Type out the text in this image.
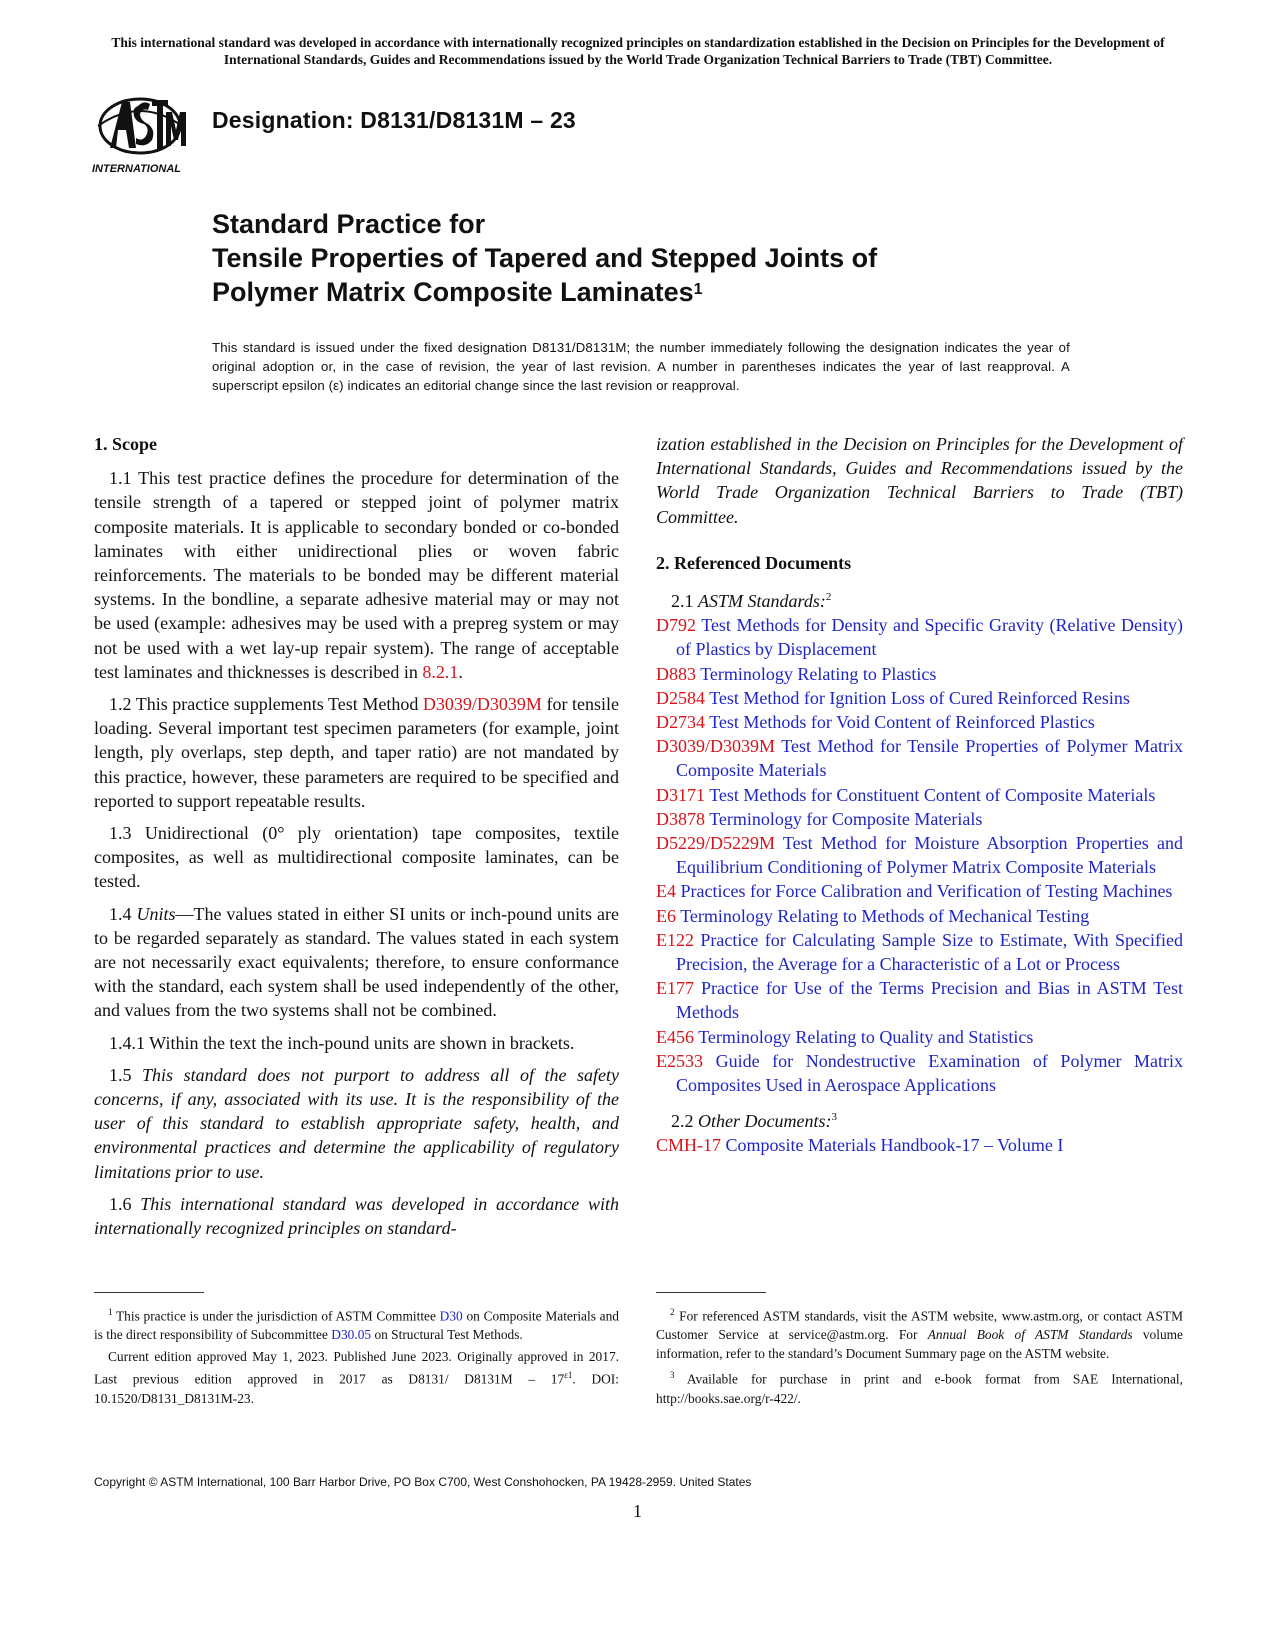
This international standard was developed in accordance with internationally recognized principles on standardization established in the Decision on Principles for the Development of International Standards, Guides and Recommendations issued by the World Trade Organization Technical Barriers to Trade (TBT) Committee.
INTERNATIONAL
Designation: D8131/D8131M – 23
Standard Practice for
Tensile Properties of Tapered and Stepped Joints of
Polymer Matrix Composite Laminates$^1$
This standard is issued under the fixed designation D8131/D8131M; the number immediately following the designation indicates the year of original adoption or, in the case of revision, the year of last revision. A number in parentheses indicates the year of last reapproval. A superscript epsilon (ε) indicates an editorial change since the last revision or reapproval.
1. Scope

1.1 This test practice defines the procedure for determination of the tensile strength of a tapered or stepped joint of polymer matrix composite materials. It is applicable to secondary bonded or co-bonded laminates with either unidirectional plies or woven fabric reinforcements. The materials to be bonded may be different material systems. In the bondline, a separate adhesive material may or may not be used (example: adhesives may be used with a prepreg system or may not be used with a wet lay-up repair system). The range of acceptable test laminates and thicknesses is described in 8.2.1.

1.2 This practice supplements Test Method D3039/D3039M for tensile loading. Several important test specimen parameters (for example, joint length, ply overlaps, step depth, and taper ratio) are not mandated by this practice, however, these parameters are required to be specified and reported to support repeatable results.

1.3 Unidirectional (0° ply orientation) tape composites, textile composites, as well as multidirectional composite laminates, can be tested.

1.4 Units—The values stated in either SI units or inch-pound units are to be regarded separately as standard. The values stated in each system are not necessarily exact equivalents; therefore, to ensure conformance with the standard, each system shall be used independently of the other, and values from the two systems shall not be combined.

1.4.1 Within the text the inch-pound units are shown in brackets.

1.5 This standard does not purport to address all of the safety concerns, if any, associated with its use. It is the responsibility of the user of this standard to establish appropriate safety, health, and environmental practices and determine the applicability of regulatory limitations prior to use.

1.6 This international standard was developed in accordance with internationally recognized principles on standard-

ization established in the Decision on Principles for the Development of International Standards, Guides and Recommendations issued by the World Trade Organization Technical Barriers to Trade (TBT) Committee.

2. Referenced Documents
2.1 ASTM Standards:$^2$
D792 Test Methods for Density and Specific Gravity (Relative Density) of Plastics by Displacement
D883 Terminology Relating to Plastics
D2584 Test Method for Ignition Loss of Cured Reinforced Resins
D2734 Test Methods for Void Content of Reinforced Plastics
D3039/D3039M Test Method for Tensile Properties of Polymer Matrix Composite Materials
D3171 Test Methods for Constituent Content of Composite Materials
D3878 Terminology for Composite Materials
D5229/D5229M Test Method for Moisture Absorption Properties and Equilibrium Conditioning of Polymer Matrix Composite Materials
E4 Practices for Force Calibration and Verification of Testing Machines
E6 Terminology Relating to Methods of Mechanical Testing
E122 Practice for Calculating Sample Size to Estimate, With Specified Precision, the Average for a Characteristic of a Lot or Process
E177 Practice for Use of the Terms Precision and Bias in ASTM Test Methods
E456 Terminology Relating to Quality and Statistics
E2533 Guide for Nondestructive Examination of Polymer Matrix Composites Used in Aerospace Applications
2.2 Other Documents:$^3$
CMH-17 Composite Materials Handbook-17 – Volume I

$^1$ This practice is under the jurisdiction of ASTM Committee D30 on Composite Materials and is the direct responsibility of Subcommittee D30.05 on Structural Test Methods.

Current edition approved May 1, 2023. Published June 2023. Originally approved in 2017. Last previous edition approved in 2017 as D8131/ $D8131M - 17^{\varepsilon 1}$. DOI: 10.1520/D8131_D8131M-23.

$^2$ For referenced ASTM standards, visit the ASTM website, www.astm.org, or contact ASTM Customer Service at service@astm.org. For Annual Book of ASTM Standards volume information, refer to the standard’s Document Summary page on the ASTM website.

$^3$ Available for purchase in print and e-book format from SAE International, http://books.sae.org/r-422/.

Copyright © ASTM International, 100 Barr Harbor Drive, PO Box C700, West Conshohocken, PA 19428-2959. United States
1
